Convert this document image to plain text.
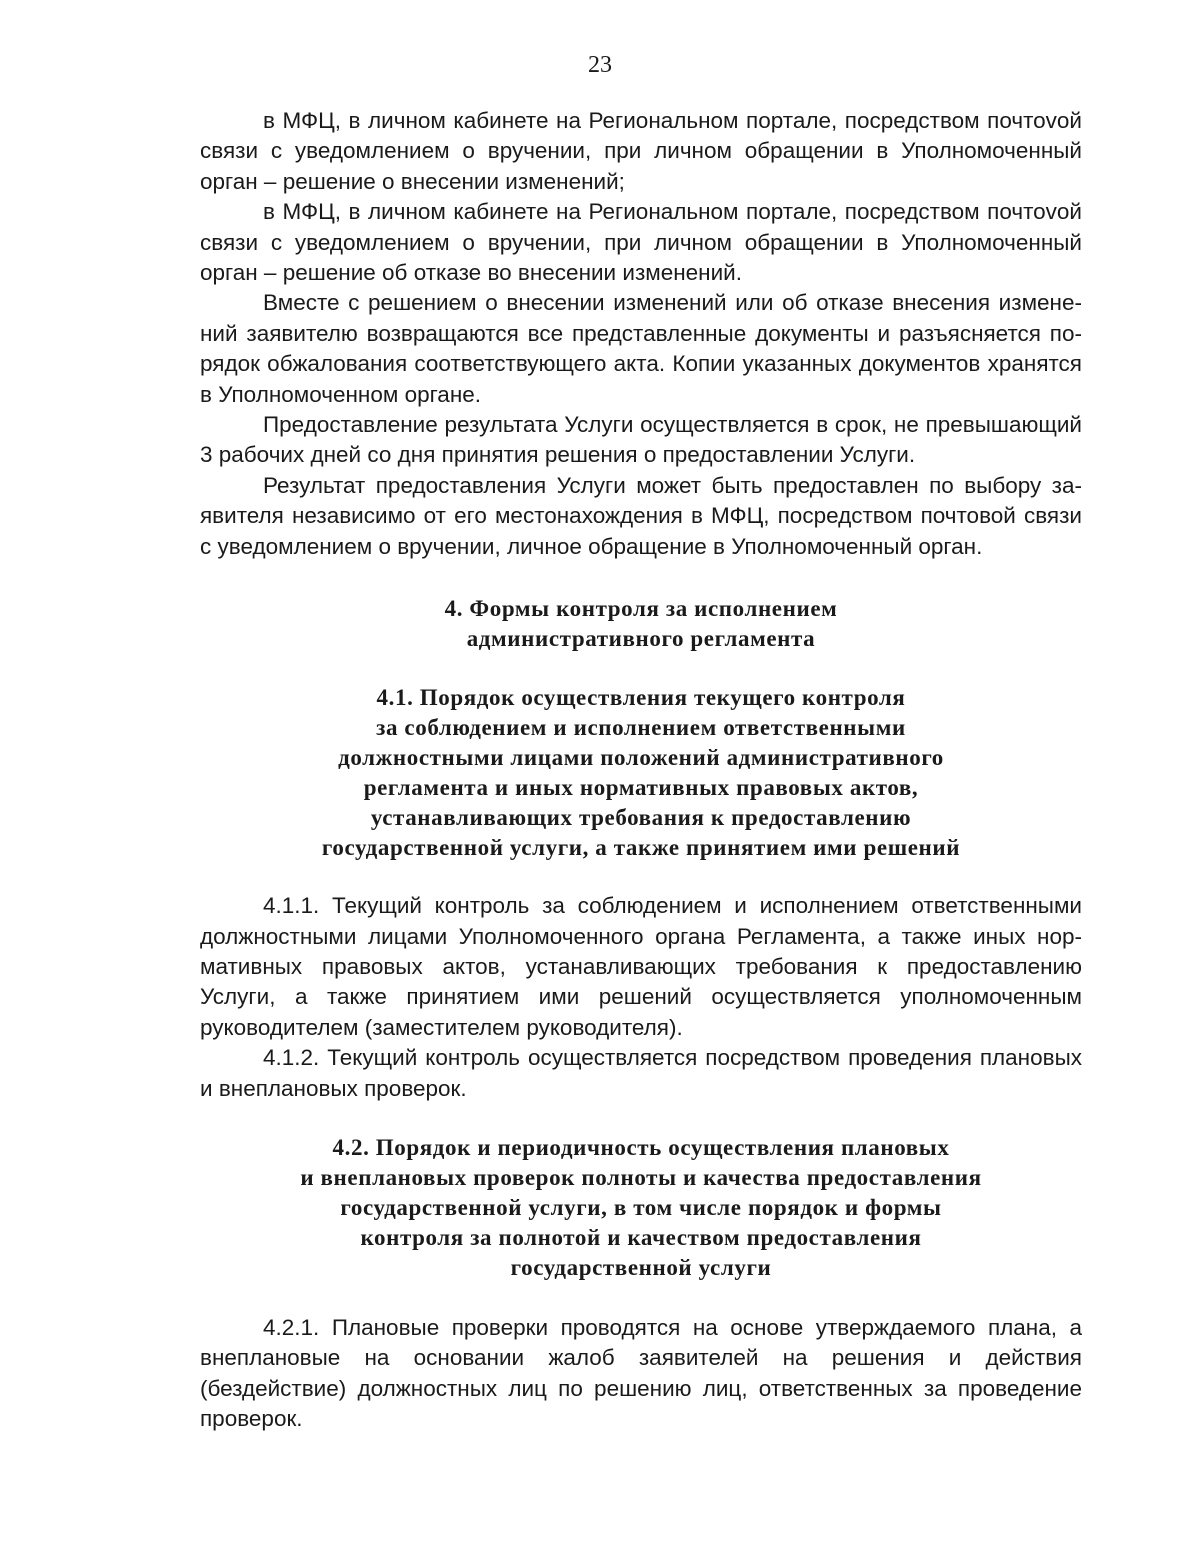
23

в МФЦ, в личном кабинете на Региональном портале, посредством почтоvой связи с уведомлением о вручении, при личном обращении в Уполномоченный орган – решение о внесении изменений;

в МФЦ, в личном кабинете на Региональном портале, посредством почтоvой связи с уведомлением о вручении, при личном обращении в Уполномоченный орган – решение об отказе во внесении изменений.

Вместе с решением о внесении изменений или об отказе внесения изменений заявителю возвращаются все представленные документы и разъясняется порядок обжалования соответствующего акта. Копии указанных документов хранятся в Уполномоченном органе.

Предоставление результата Услуги осуществляется в срок, не превышающий 3 рабочих дней со дня принятия решения о предоставлении Услуги.

Результат предоставления Услуги может быть предоставлен по выбору заявителя независимо от его местонахождения в МФЦ, посредством почтовой связи с уведомлением о вручении, личное обращение в Уполномоченный орган.

4. Формы контроля за исполнением
административного регламента
4.1. Порядок осуществления текущего контроля
за соблюдением и исполнением ответственными
должностными лицами положений административного
регламента и иных нормативных правовых актов,
устанавливающих требования к предоставлению
государственной услуги, а также принятием ими решений

4.1.1. Текущий контроль за соблюдением и исполнением ответственными должностными лицами Уполномоченного органа Регламента, а также иных нормативных правовых актов, устанавливающих требования к предоставлению Услуги, а также принятием ими решений осуществляется уполномоченным руководителем (заместителем руководителя).

4.1.2. Текущий контроль осуществляется посредством проведения плановых и внеплановых проверок.

4.2. Порядок и периодичность осуществления плановых
и внеплановых проверок полноты и качества предоставления
государственной услуги, в том числе порядок и формы
контроля за полнотой и качеством предоставления
государственной услуги

4.2.1. Плановые проверки проводятся на основе утверждаемого плана, а внеплановые на основании жалоб заявителей на решения и действия (бездействие) должностных лиц по решению лиц, ответственных за проведение проверок.
